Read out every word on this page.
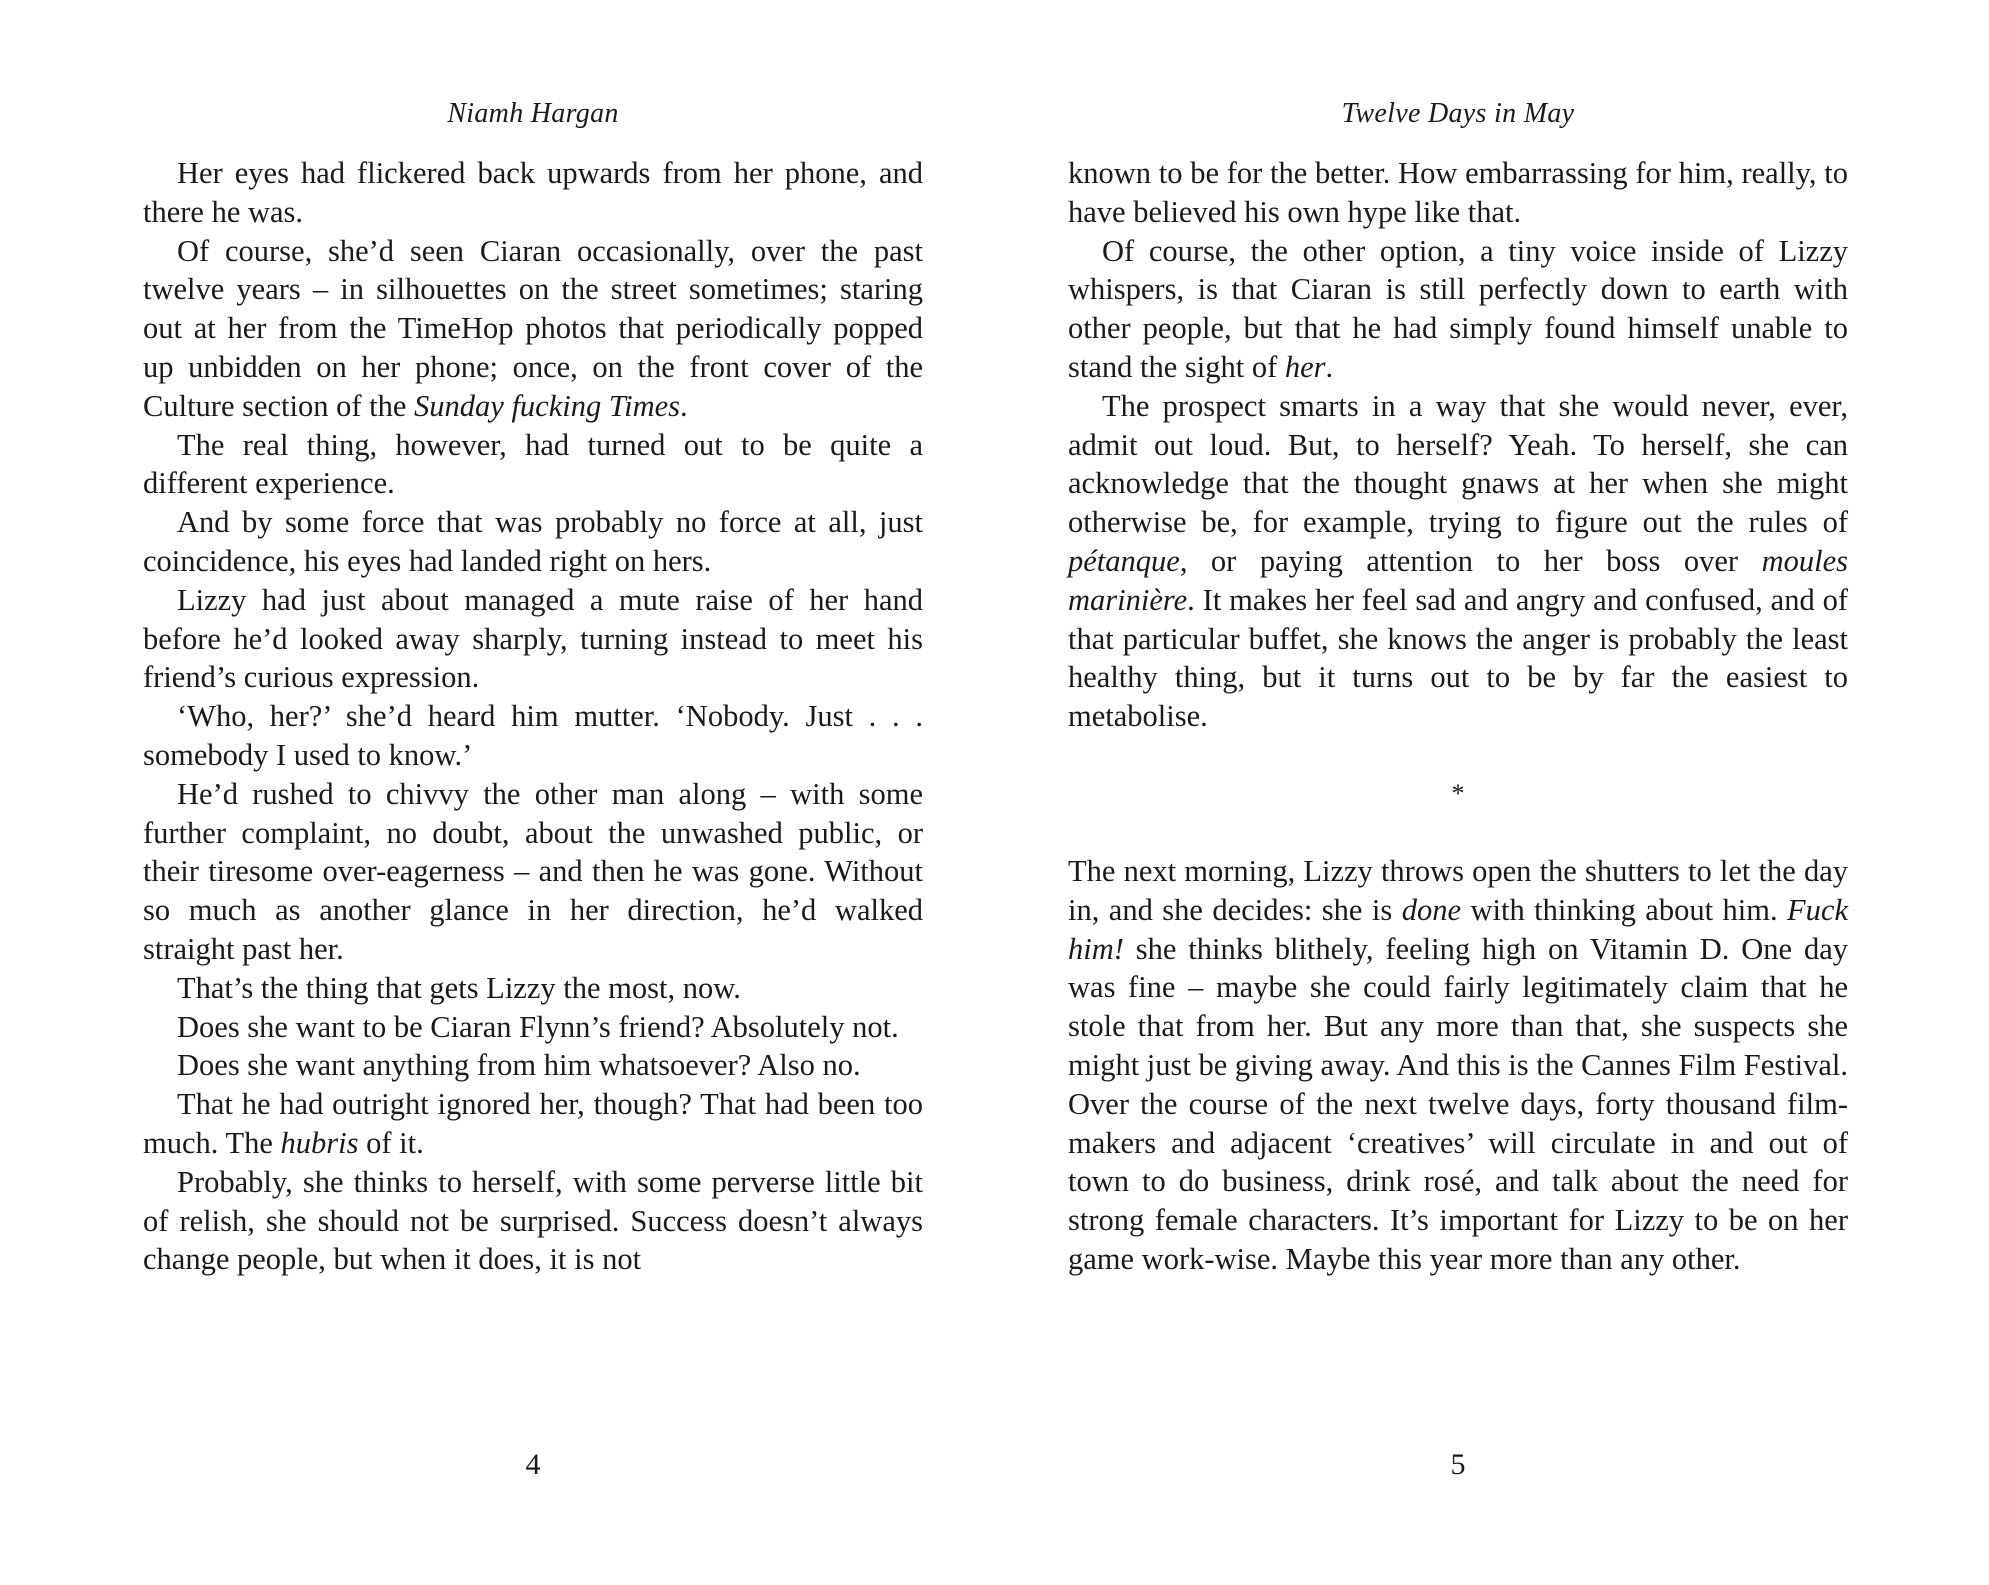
Niamh Hargan

Her eyes had flickered back upwards from her phone, and there he was.

Of course, she’d seen Ciaran occasionally, over the past twelve years – in silhouettes on the street sometimes; staring out at her from the TimeHop photos that periodically popped up unbidden on her phone; once, on the front cover of the Culture section of the Sunday fucking Times.

The real thing, however, had turned out to be quite a different experience.

And by some force that was probably no force at all, just coincidence, his eyes had landed right on hers.

Lizzy had just about managed a mute raise of her hand before he’d looked away sharply, turning instead to meet his friend’s curious expression.

‘Who, her?’ she’d heard him mutter. ‘Nobody. Just . . . somebody I used to know.’

He’d rushed to chivvy the other man along – with some further complaint, no doubt, about the unwashed public, or their tiresome over-eagerness – and then he was gone. Without so much as another glance in her direction, he’d walked straight past her.

That’s the thing that gets Lizzy the most, now.

Does she want to be Ciaran Flynn’s friend? Absolutely not.

Does she want anything from him whatsoever? Also no.

That he had outright ignored her, though? That had been too much. The hubris of it.

Probably, she thinks to herself, with some perverse little bit of relish, she should not be surprised. Success doesn’t always change people, but when it does, it is not

4
Twelve Days in May

known to be for the better. How embarrassing for him, really, to have believed his own hype like that.

Of course, the other option, a tiny voice inside of Lizzy whispers, is that Ciaran is still perfectly down to earth with other people, but that he had simply found himself unable to stand the sight of her.

The prospect smarts in a way that she would never, ever, admit out loud. But, to herself? Yeah. To herself, she can acknowledge that the thought gnaws at her when she might otherwise be, for example, trying to figure out the rules of pétanque, or paying attention to her boss over moules marinière. It makes her feel sad and angry and confused, and of that particular buffet, she knows the anger is probably the least healthy thing, but it turns out to be by far the easiest to metabolise.

*

The next morning, Lizzy throws open the shutters to let the day in, and she decides: she is done with thinking about him. Fuck him! she thinks blithely, feeling high on Vitamin D. One day was fine – maybe she could fairly legitimately claim that he stole that from her. But any more than that, she suspects she might just be giving away. And this is the Cannes Film Festival. Over the course of the next twelve days, forty thousand film-makers and adjacent ‘creatives’ will circulate in and out of town to do business, drink rosé, and talk about the need for strong female characters. It’s important for Lizzy to be on her game work-wise. Maybe this year more than any other.

5
